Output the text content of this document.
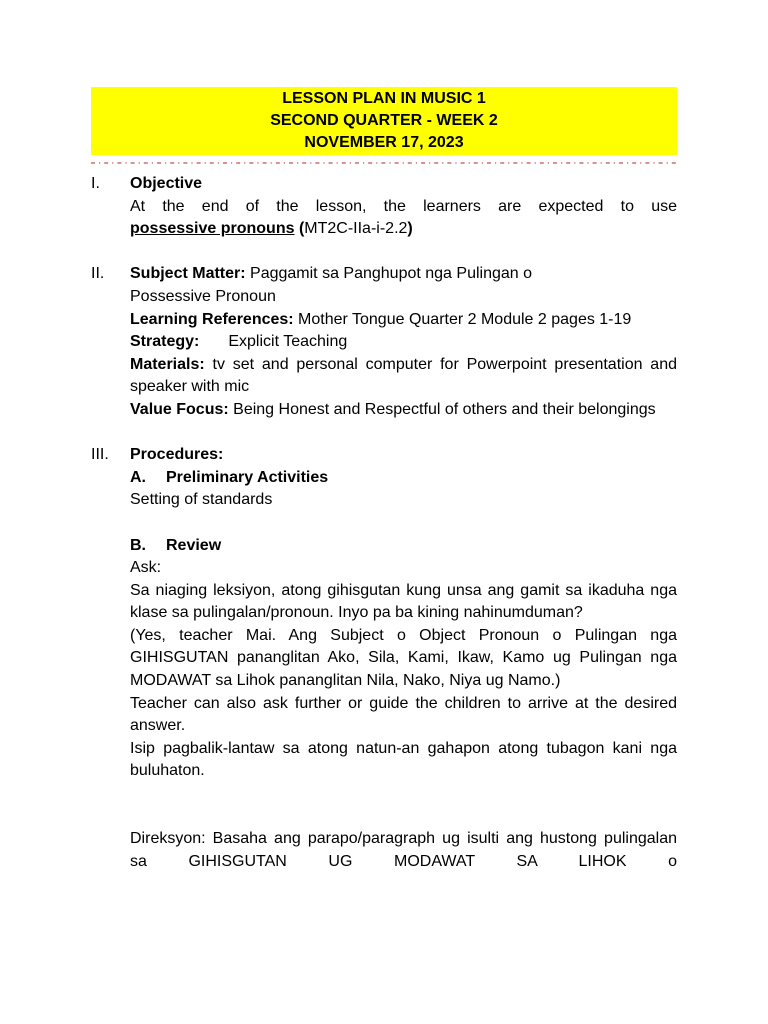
LESSON PLAN IN MUSIC 1
SECOND QUARTER - WEEK 2
NOVEMBER 17, 2023
I. Objective
At the end of the lesson, the learners are expected to use
possessive pronouns (MT2C-IIa-i-2.2)
II. Subject Matter: Paggamit sa Panghupot nga Pulingan o Possessive Pronoun
Learning References: Mother Tongue Quarter 2 Module 2 pages 1-19
Strategy: Explicit Teaching
Materials: tv set and personal computer for Powerpoint presentation and speaker with mic
Value Focus: Being Honest and Respectful of others and their belongings
III. Procedures:
A. Preliminary Activities
Setting of standards
B. Review
Ask:
Sa niaging leksiyon, atong gihisgutan kung unsa ang gamit sa ikaduha nga klase sa pulingalan/pronoun. Inyo pa ba kining nahinumduman?
(Yes, teacher Mai. Ang Subject o Object Pronoun o Pulingan nga GIHISGUTAN pananglitan Ako, Sila, Kami, Ikaw, Kamo ug Pulingan nga MODAWAT sa Lihok pananglitan Nila, Nako, Niya ug Namo.)
Teacher can also ask further or guide the children to arrive at the desired answer.
Isip pagbalik-lantaw sa atong natun-an gahapon atong tubagon kani nga buluhaton.
Direksyon: Basaha ang parapo/paragraph ug isulti ang hustong pulingalan sa GIHISGUTAN UG MODAWAT SA LIHOK o
